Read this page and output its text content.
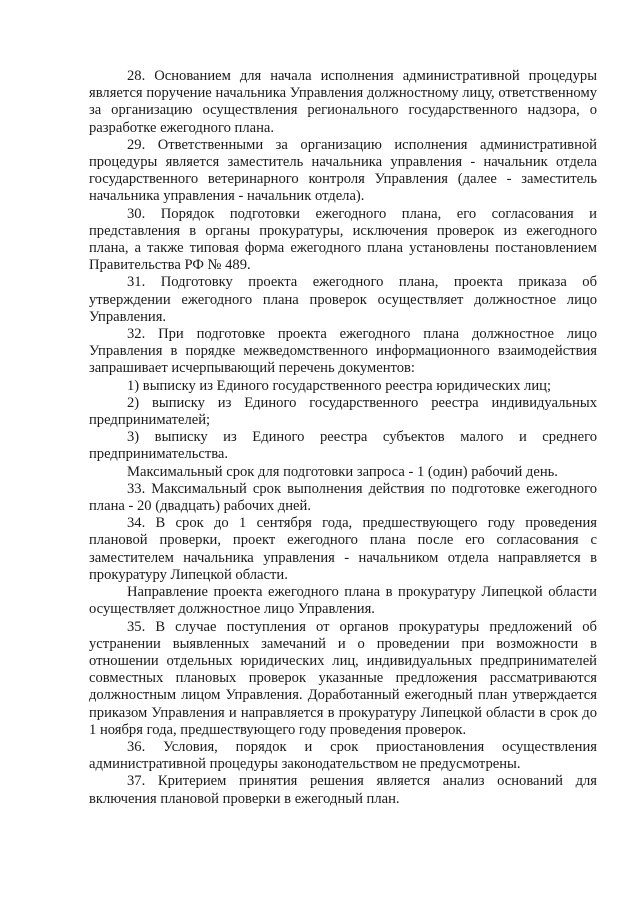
28. Основанием для начала исполнения административной процедуры является поручение начальника Управления должностному лицу, ответственному за организацию осуществления регионального государственного надзора, о разработке ежегодного плана.

29. Ответственными за организацию исполнения административной процедуры является заместитель начальника управления - начальник отдела государственного ветеринарного контроля Управления (далее - заместитель начальника управления - начальник отдела).

30. Порядок подготовки ежегодного плана, его согласования и представления в органы прокуратуры, исключения проверок из ежегодного плана, а также типовая форма ежегодного плана установлены постановлением Правительства РФ № 489.

31. Подготовку проекта ежегодного плана, проекта приказа об утверждении ежегодного плана проверок осуществляет должностное лицо Управления.

32. При подготовке проекта ежегодного плана должностное лицо Управления в порядке межведомственного информационного взаимодействия запрашивает исчерпывающий перечень документов:

1) выписку из Единого государственного реестра юридических лиц;

2) выписку из Единого государственного реестра индивидуальных предпринимателей;

3) выписку из Единого реестра субъектов малого и среднего предпринимательства.

Максимальный срок для подготовки запроса - 1 (один) рабочий день.

33. Максимальный срок выполнения действия по подготовке ежегодного плана - 20 (двадцать) рабочих дней.

34. В срок до 1 сентября года, предшествующего году проведения плановой проверки, проект ежегодного плана после его согласования с заместителем начальника управления - начальником отдела направляется в прокуратуру Липецкой области.

Направление проекта ежегодного плана в прокуратуру Липецкой области осуществляет должностное лицо Управления.

35. В случае поступления от органов прокуратуры предложений об устранении выявленных замечаний и о проведении при возможности в отношении отдельных юридических лиц, индивидуальных предпринимателей совместных плановых проверок указанные предложения рассматриваются должностным лицом Управления. Доработанный ежегодный план утверждается приказом Управления и направляется в прокуратуру Липецкой области в срок до 1 ноября года, предшествующего году проведения проверок.

36. Условия, порядок и срок приостановления осуществления административной процедуры законодательством не предусмотрены.

37. Критерием принятия решения является анализ оснований для включения плановой проверки в ежегодный план.
